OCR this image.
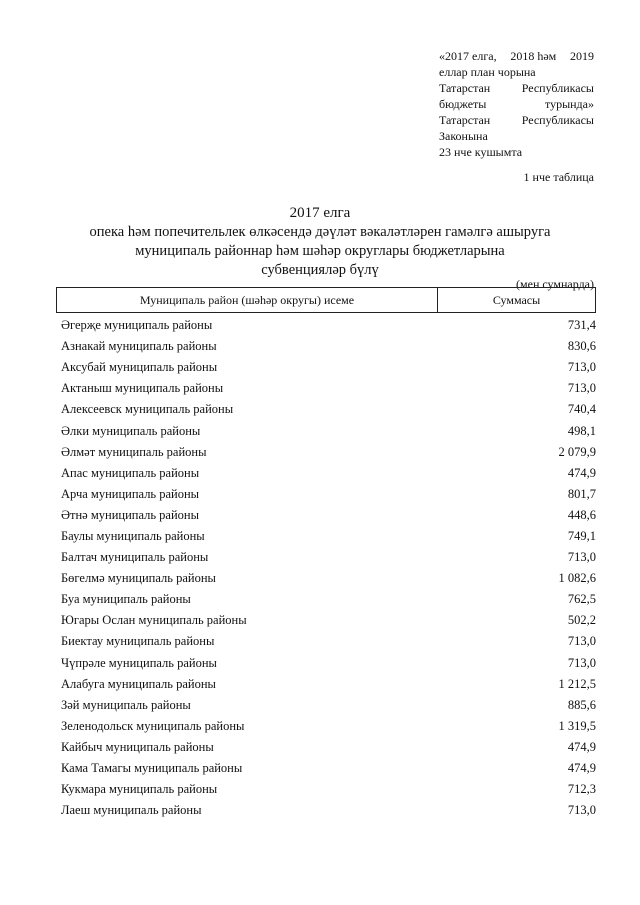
«2017 елга, 2018 һәм 2019
еллар план чорына
Татарстан	Республикасы
бюджеты	турында»
Татарстан	Республикасы
Законына
23 нче кушымта
1 нче таблица
2017 елга
опека һәм попечительлек өлкәсендә дәүләт вәкаләтләрен гамәлгә ашыруга
муниципаль районнар һәм шәһәр округлары бюджетларына
субвенцияләр бүлү
(мен сумнарда)
Муниципаль район (шәһәр округы) исеме	Суммасы
Әгерҗе муниципаль районы	731,4
Азнакай муниципаль районы	830,6
Аксубай муниципаль районы	713,0
Актаныш муниципаль районы	713,0
Алексеевск муниципаль районы	740,4
Әлки муниципаль районы	498,1
Әлмәт муниципаль районы	2 079,9
Апас муниципаль районы	474,9
Арча муниципаль районы	801,7
Әтнә муниципаль районы	448,6
Баулы муниципаль районы	749,1
Балтач муниципаль районы	713,0
Бөгелмә муниципаль районы	1 082,6
Буа муниципаль районы	762,5
Югары Ослан муниципаль районы	502,2
Биектау муниципаль районы	713,0
Чүпрәле муниципаль районы	713,0
Алабуга муниципаль районы	1 212,5
Зәй муниципаль районы	885,6
Зеленодольск муниципаль районы	1 319,5
Кайбыч муниципаль районы	474,9
Кама Тамагы муниципаль районы	474,9
Кукмара муниципаль районы	712,3
Лаеш муниципаль районы	713,0
